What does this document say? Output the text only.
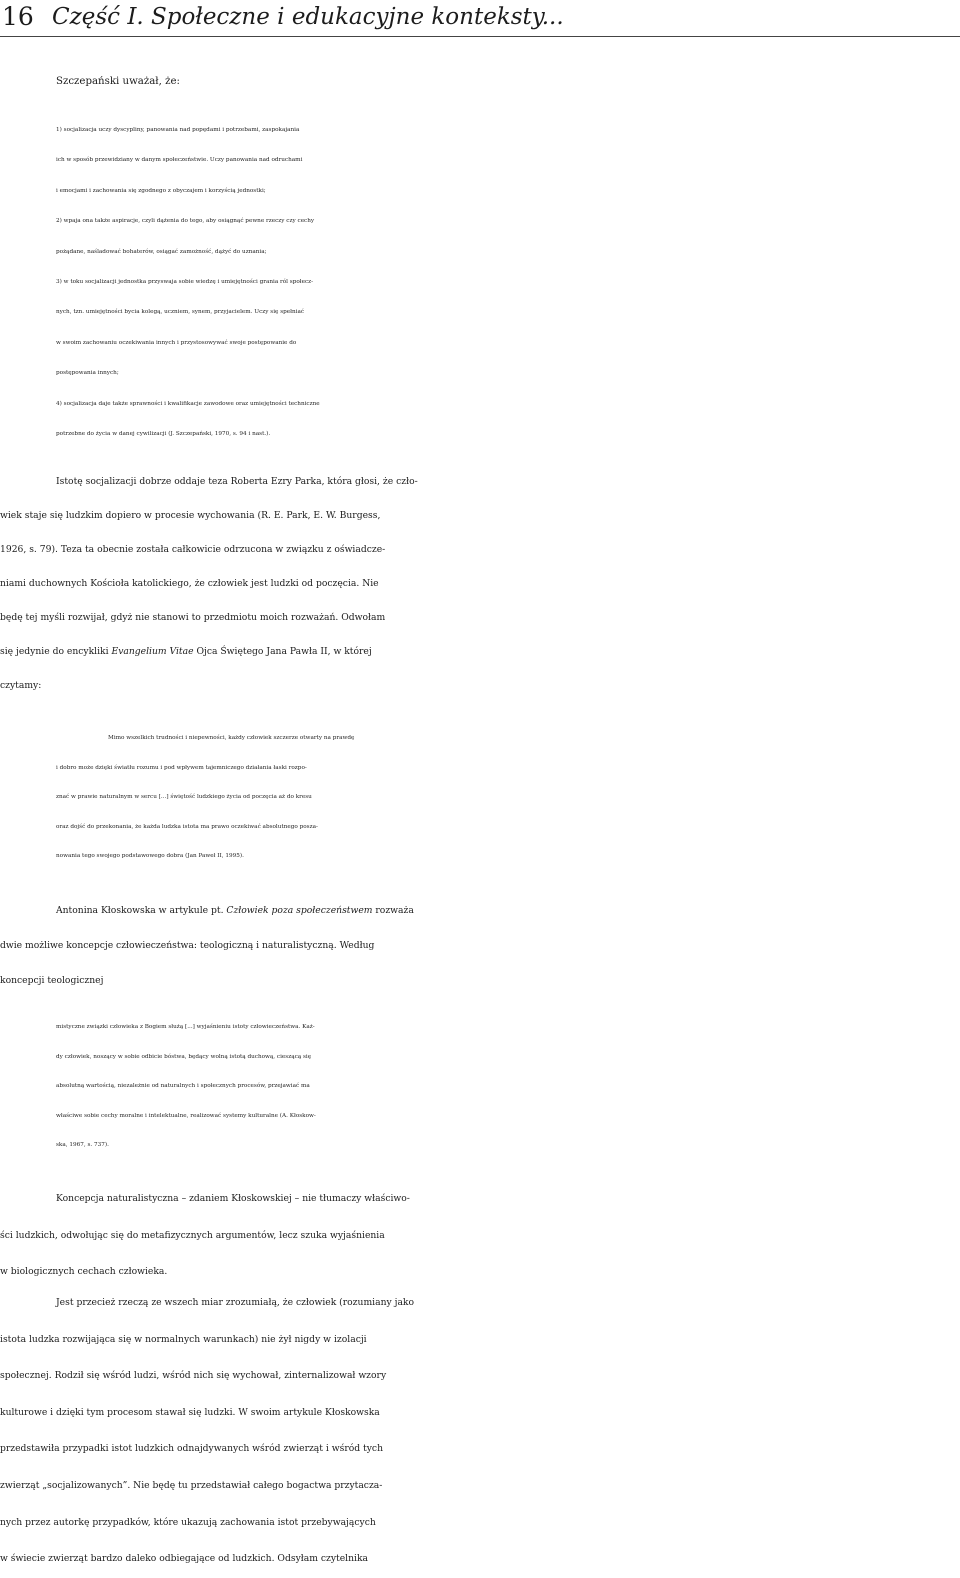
16 Część I. Społeczne i edukacyjne konteksty...
Szczepański uważał, że:
1) socjalizacja uczy dyscypliny, panowania nad popędami i potrzebami, zaspokajania
ich w sposób przewidziany w danym społeczeństwie. Uczy panowania nad odruchami
i emocjami i zachowania się zgodnego z obyczajem i korzyścią jednostki;
2) wpaja ona także aspiracje, czyli dążenia do tego, aby osiągnąć pewne rzeczy czy cechy
pożądane, naśladować bohaterów, osiągać zamożność, dążyć do uznania;
3) w toku socjalizacji jednostka przyswaja sobie wiedzę i umiejętności grania ról społecz-
nych, tzn. umiejętności bycia kolegą, uczniem, synem, przyjacielem. Uczy się spełniać
w swoim zachowaniu oczekiwania innych i przystosowywać swoje postępowanie do
postępowania innych;
4) socjalizacja daje także sprawności i kwalifikacje zawodowe oraz umiejętności techniczne
potrzebne do życia w danej cywilizacji (J. Szczepański, 1970, s. 94 i nast.).
Istotę socjalizacji dobrze oddaje teza Roberta Ezry Parka, która głosi, że czło-
wiek staje się ludzkim dopiero w procesie wychowania (R. E. Park, E. W. Burgess,
1926, s. 79). Teza ta obecnie została całkowicie odrzucona w związku z oświadcze-
niami duchownych Kościoła katolickiego, że człowiek jest ludzki od poczęcia. Nie
będę tej myśli rozwijał, gdyż nie stanowi to przedmiotu moich rozważań. Odwołam
się jedynie do encykliki Evangelium Vitae Ojca Świętego Jana Pawła II, w której
czytamy:
Mimo wszelkich trudności i niepewności, każdy człowiek szczerze otwarty na prawdę
i dobro może dzięki światłu rozumu i pod wpływem tajemniczego działania łaski rozpo-
znać w prawie naturalnym w sercu [...] świętość ludzkiego życia od poczęcia aż do kresu
oraz dojść do przekonania, że każda ludzka istota ma prawo oczekiwać absolutnego posza-
nowania tego swojego podstawowego dobra (Jan Paweł II, 1995).
Antonina Kłoskowska w artykule pt. Człowiek poza społeczeństwem rozważa
dwie możliwe koncepcje człowieczeństwa: teologiczną i naturalistyczną. Według
koncepcji teologicznej
mistyczne związki człowieka z Bogiem służą [...] wyjaśnieniu istoty człowieczeństwa. Każ-
dy człowiek, noszący w sobie odbicie bóstwa, będący wolną istotą duchową, cieszącą się
absolutną wartością, niezależnie od naturalnych i społecznych procesów, przejawiać ma
właściwe sobie cechy moralne i intelektualne, realizować systemy kulturalne (A. Kłoskow-
ska, 1967, s. 737).
Koncepcja naturalistyczna – zdaniem Kłoskowskiej – nie tłumaczy właściwo-
ści ludzkich, odwołując się do metafizycznych argumentów, lecz szuka wyjaśnienia
w biologicznych cechach człowieka.
Jest przecież rzeczą ze wszech miar zrozumiałą, że człowiek (rozumiany jako
istota ludzka rozwijająca się w normalnych warunkach) nie żył nigdy w izolacji
społecznej. Rodził się wśród ludzi, wśród nich się wychował, zinternalizował wzory
kulturowe i dzięki tym procesom stawał się ludzki. W swoim artykule Kłoskowska
przedstawiła przypadki istot ludzkich odnajdywanych wśród zwierząt i wśród tych
zwierząt „socjalizowanych”. Nie będę tu przedstawiał całego bogactwa przytacza-
nych przez autorkę przypadków, które ukazują zachowania istot przebywających
w świecie zwierząt bardzo daleko odbiegające od ludzkich. Odsyłam czytelnika
